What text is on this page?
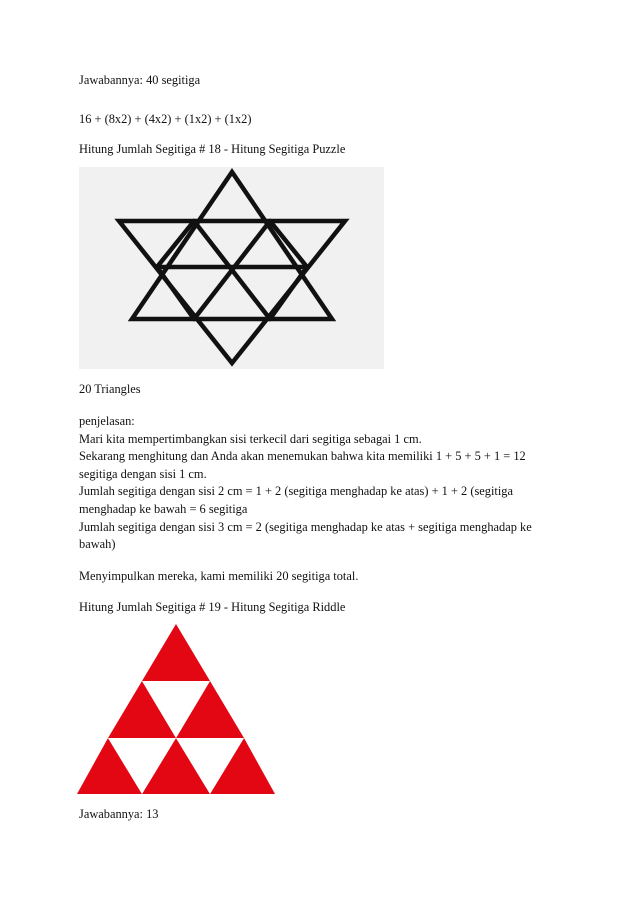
Jawabannya: 40 segitiga
16 + (8x2) + (4x2) + (1x2) + (1x2)
Hitung Jumlah Segitiga # 18 - Hitung Segitiga Puzzle
20 Triangles
penjelasan:
Mari kita mempertimbangkan sisi terkecil dari segitiga sebagai 1 cm.
Sekarang menghitung dan Anda akan menemukan bahwa kita memiliki 1 + 5 + 5 + 1 = 12
segitiga dengan sisi 1 cm.
Jumlah segitiga dengan sisi 2 cm = 1 + 2 (segitiga menghadap ke atas) + 1 + 2 (segitiga
menghadap ke bawah = 6 segitiga
Jumlah segitiga dengan sisi 3 cm = 2 (segitiga menghadap ke atas + segitiga menghadap ke
bawah)
Menyimpulkan mereka, kami memiliki 20 segitiga total.
Hitung Jumlah Segitiga # 19 - Hitung Segitiga Riddle
Jawabannya: 13
